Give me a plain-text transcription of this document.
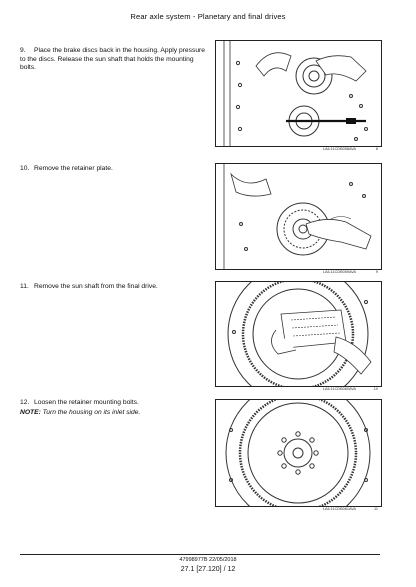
Rear axle system - Planetary and final drives
9. Place the brake discs back in the housing. Apply pressure to the discs. Release the sun shaft that holds the mounting bolts.
LAIL11CDB058AVA	8
10. Remove the retainer plate.
LAIL11CDB059AVA	9
11. Remove the sun shaft from the final drive.
LAIL11CDB060AVA	10
12. Loosen the retainer mounting bolts.
NOTE: Turn the housing on its inlet side.
LAIL11CDB061AVA	11
47998977B 22/05/2018
27.1 [27.120] / 12
